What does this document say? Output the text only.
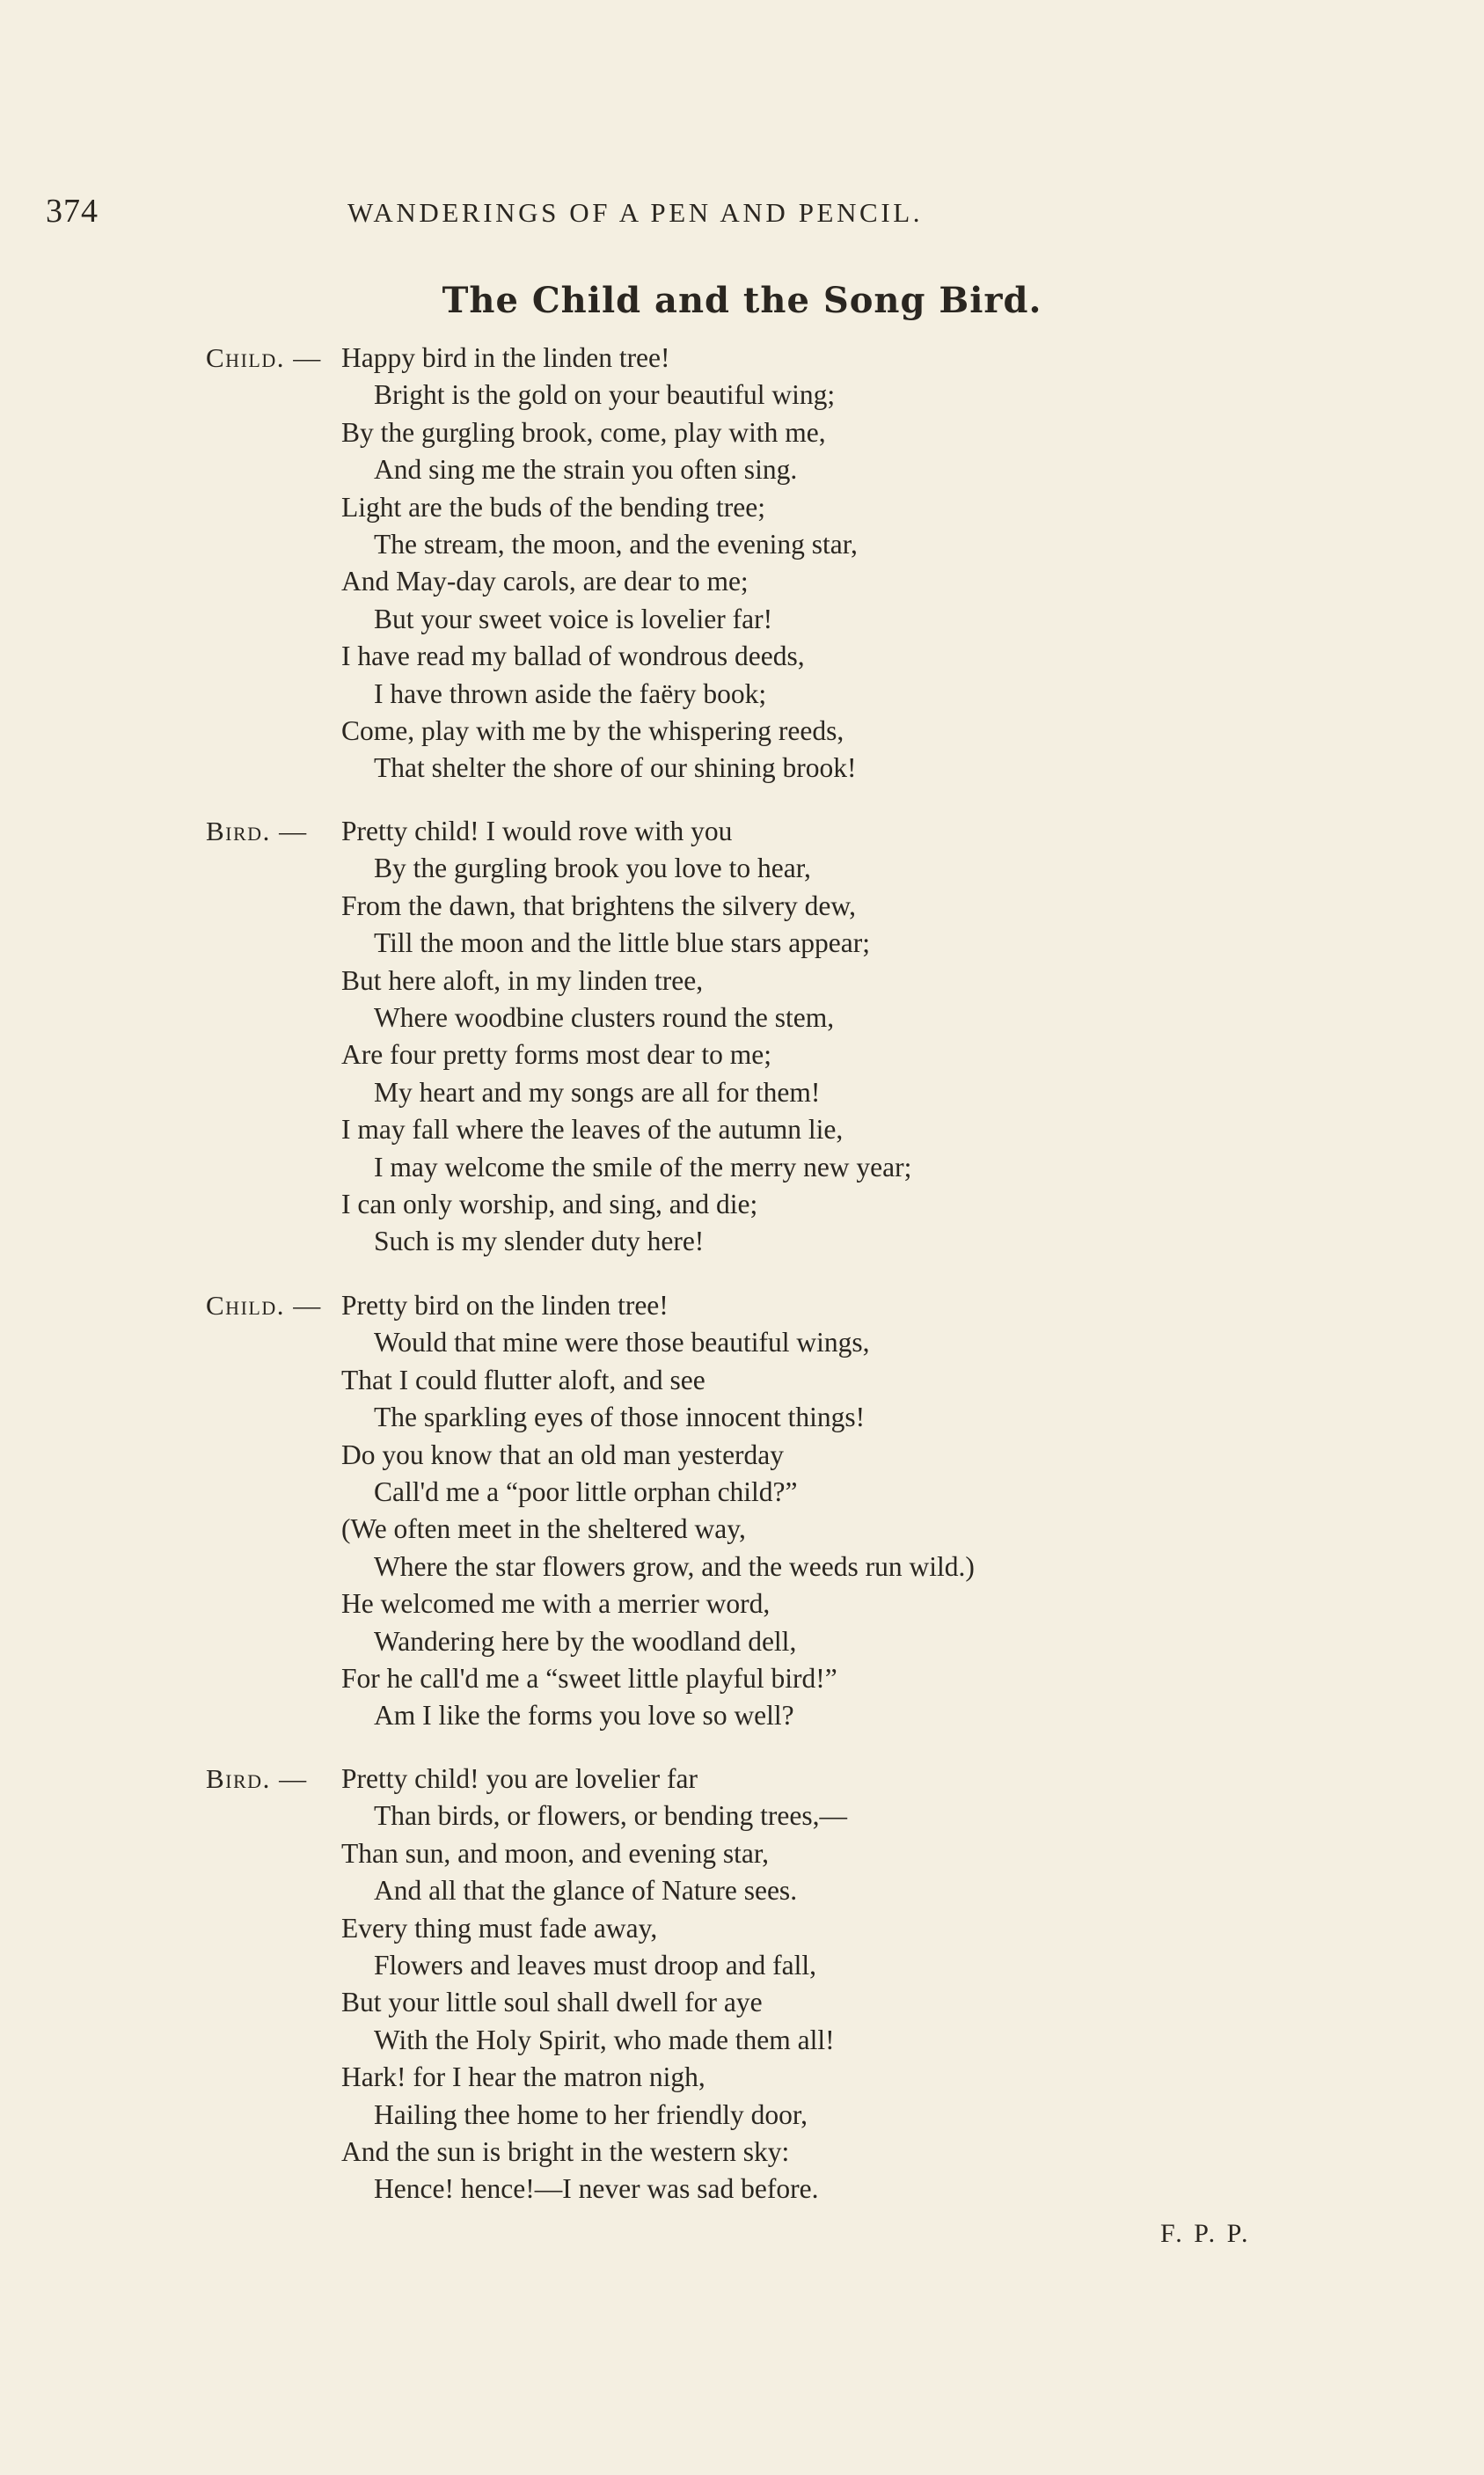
374	WANDERINGS OF A PEN AND PENCIL.
The Child and the Song Bird.
Child. — Happy bird in the linden tree!
Bright is the gold on your beautiful wing;
By the gurgling brook, come, play with me,
And sing me the strain you often sing.
Light are the buds of the bending tree;
The stream, the moon, and the evening star,
And May-day carols, are dear to me;
But your sweet voice is lovelier far!
I have read my ballad of wondrous deeds,
I have thrown aside the faëry book;
Come, play with me by the whispering reeds,
That shelter the shore of our shining brook!
Bird. — Pretty child! I would rove with you
By the gurgling brook you love to hear,
From the dawn, that brightens the silvery dew,
Till the moon and the little blue stars appear;
But here aloft, in my linden tree,
Where woodbine clusters round the stem,
Are four pretty forms most dear to me;
My heart and my songs are all for them!
I may fall where the leaves of the autumn lie,
I may welcome the smile of the merry new year;
I can only worship, and sing, and die;
Such is my slender duty here!
Child. — Pretty bird on the linden tree!
Would that mine were those beautiful wings,
That I could flutter aloft, and see
The sparkling eyes of those innocent things!
Do you know that an old man yesterday
Call'd me a “poor little orphan child?”
(We often meet in the sheltered way,
Where the star flowers grow, and the weeds run wild.)
He welcomed me with a merrier word,
Wandering here by the woodland dell,
For he call'd me a “sweet little playful bird!”
Am I like the forms you love so well?
Bird. — Pretty child! you are lovelier far
Than birds, or flowers, or bending trees,—
Than sun, and moon, and evening star,
And all that the glance of Nature sees.
Every thing must fade away,
Flowers and leaves must droop and fall,
But your little soul shall dwell for aye
With the Holy Spirit, who made them all!
Hark! for I hear the matron nigh,
Hailing thee home to her friendly door,
And the sun is bright in the western sky:
Hence! hence!—I never was sad before.
F. P. P.
